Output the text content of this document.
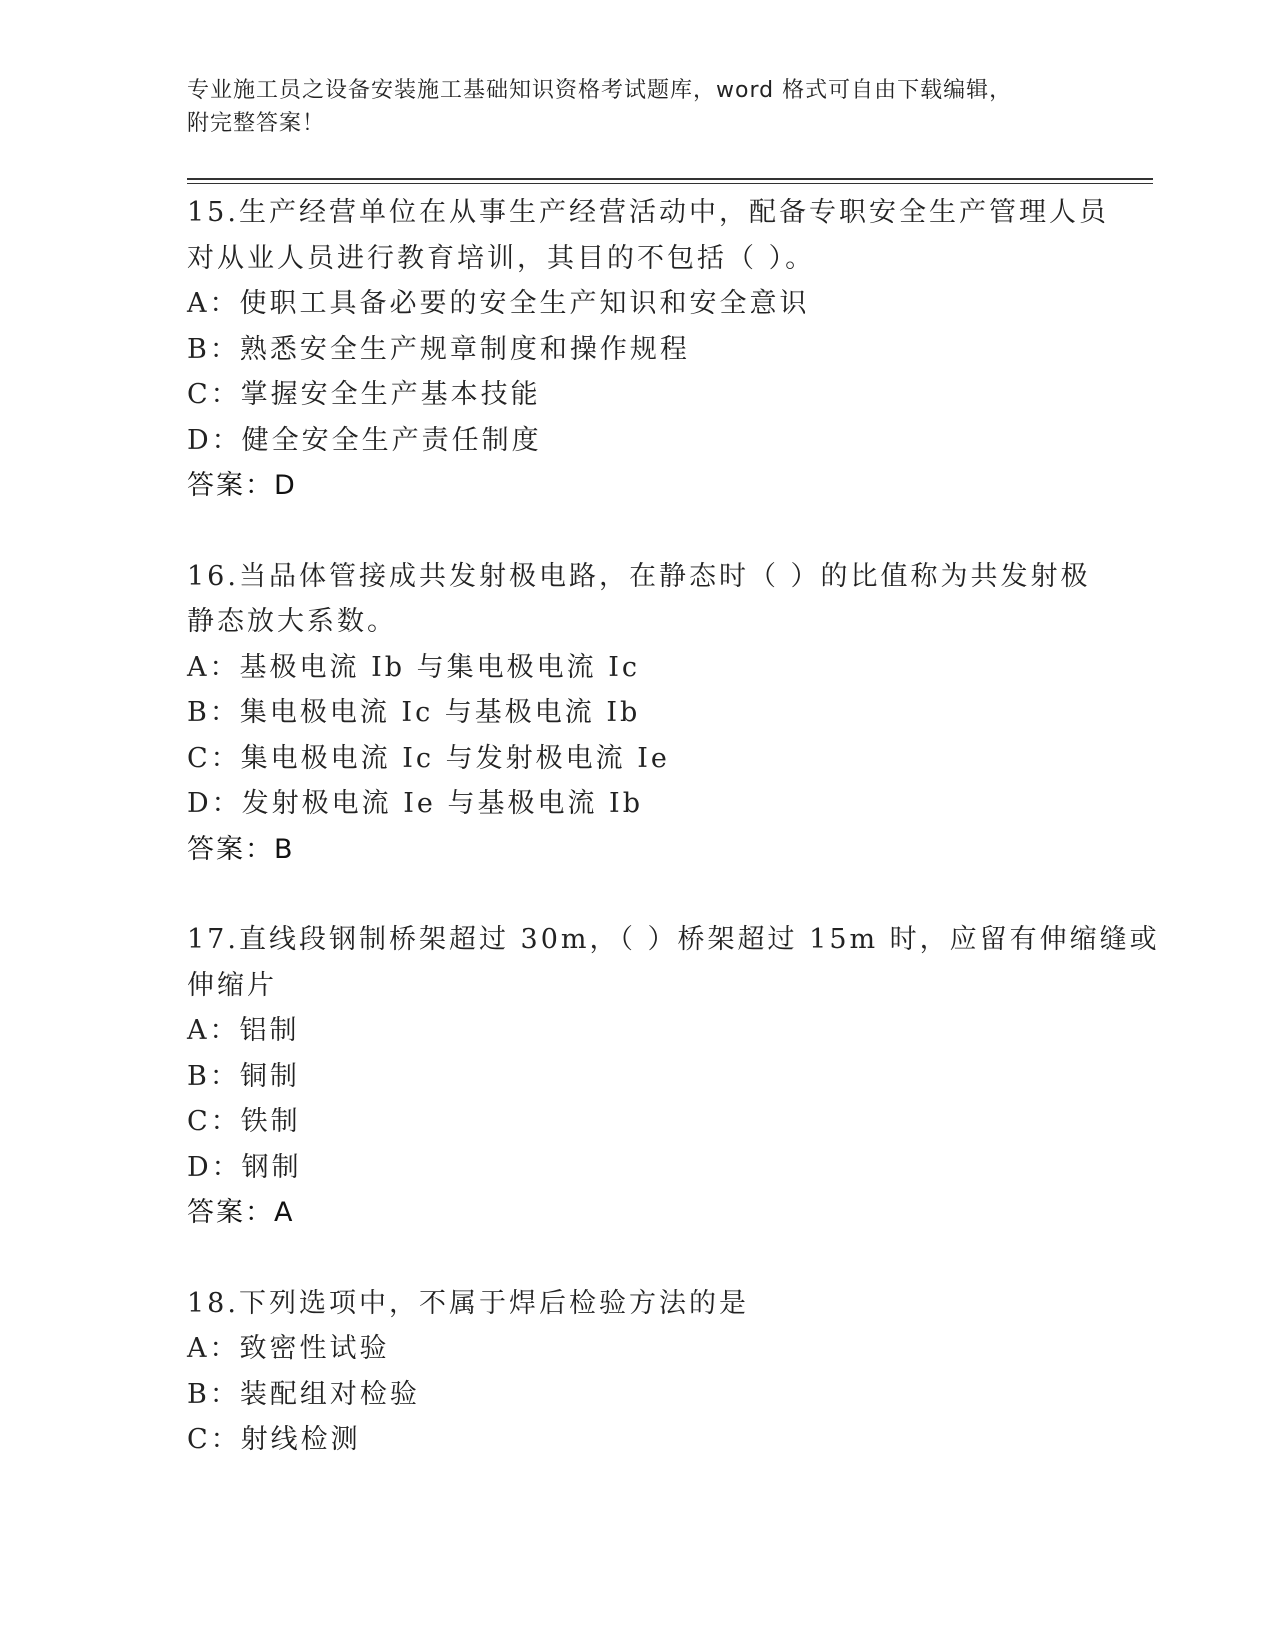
专业施工员之设备安装施工基础知识资格考试题库，word 格式可自由下载编辑，
附完整答案！
15.生产经营单位在从事生产经营活动中，配备专职安全生产管理人员
对从业人员进行教育培训，其目的不包括（ ）。
A：使职工具备必要的安全生产知识和安全意识
B：熟悉安全生产规章制度和操作规程
C：掌握安全生产基本技能
D：健全安全生产责任制度
答案：D
16.当品体管接成共发射极电路，在静态时（ ）的比值称为共发射极
静态放大系数。
A：基极电流 Ib 与集电极电流 Ic
B：集电极电流 Ic 与基极电流 Ib
C：集电极电流 Ic 与发射极电流 Ie
D：发射极电流 Ie 与基极电流 Ib
答案：B
17.直线段钢制桥架超过 30m，（ ）桥架超过 15m 时，应留有伸缩缝或
伸缩片
A：铝制
B：铜制
C：铁制
D：钢制
答案：A
18.下列选项中，不属于焊后检验方法的是
A：致密性试验
B：装配组对检验
C：射线检测
